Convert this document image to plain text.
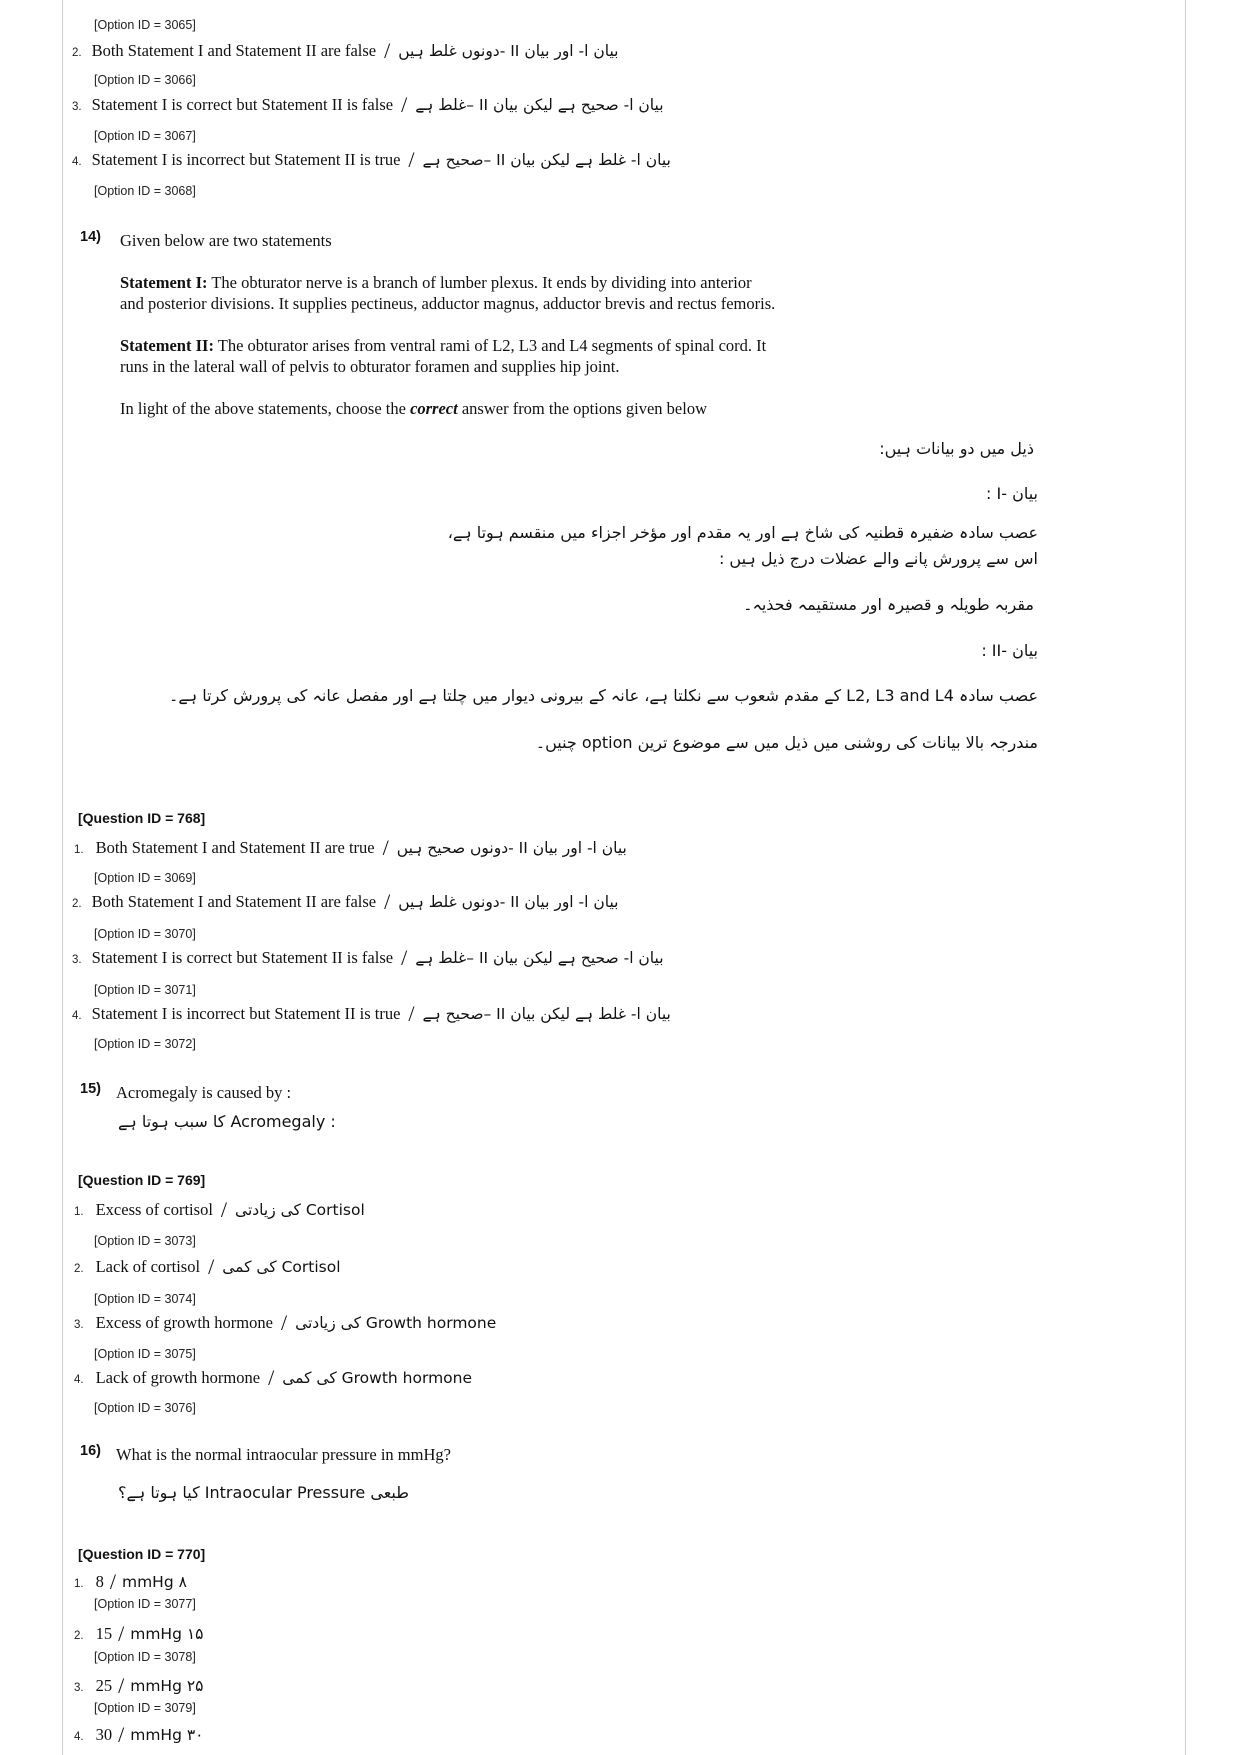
[Option ID = 3065]
2. Both Statement I and Statement II are false / بیان ا- اور بیان II -دونوں غلط ہیں
[Option ID = 3066]
3. Statement I is correct but Statement II is false / بیان ا- صحیح ہے لیکن بیان II –غلط ہے
[Option ID = 3067]
4. Statement I is incorrect but Statement II is true / بیان ا- غلط ہے لیکن بیان II –صحیح ہے
[Option ID = 3068]
14) Given below are two statements
Statement I: The obturator nerve is a branch of lumber plexus. It ends by dividing into anterior
and posterior divisions. It supplies pectineus, adductor magnus, adductor brevis and rectus femoris.
Statement II: The obturator arises from ventral rami of L2, L3 and L4 segments of spinal cord. It
runs in the lateral wall of pelvis to obturator foramen and supplies hip joint.
In light of the above statements, choose the correct answer from the options given below
ذیل میں دو بیانات ہیں:
بیان -I :
عصب سادہ ضفیرہ قطنیہ کی شاخ ہے اور یہ مقدم اور مؤخر اجزاء میں منقسم ہوتا ہے،
اس سے پرورش پانے والے عضلات درج ذیل ہیں :
مقربہ طویلہ و قصیرہ اور مستقیمہ فحذیہ۔
بیان -II :
عصب سادہ L2, L3 and L4 کے مقدم شعوب سے نکلتا ہے، عانہ کے بیرونی دیوار میں چلتا ہے اور مفصل عانہ کی پرورش کرتا ہے۔
مندرجہ بالا بیانات کی روشنی میں ذیل میں سے موضوع ترین option چنیں۔
[Question ID = 768]
1. Both Statement I and Statement II are true / بیان ا- اور بیان II -دونوں صحیح ہیں
[Option ID = 3069]
2. Both Statement I and Statement II are false / بیان ا- اور بیان II -دونوں غلط ہیں
[Option ID = 3070]
3. Statement I is correct but Statement II is false / بیان ا- صحیح ہے لیکن بیان II –غلط ہے
[Option ID = 3071]
4. Statement I is incorrect but Statement II is true / بیان ا- غلط ہے لیکن بیان II –صحیح ہے
[Option ID = 3072]
15) Acromegaly is caused by :
: Acromegaly کا سبب ہوتا ہے
[Question ID = 769]
1. Excess of cortisol / Cortisol کی زیادتی
[Option ID = 3073]
2. Lack of cortisol / Cortisol کی کمی
[Option ID = 3074]
3. Excess of growth hormone / Growth hormone کی زیادتی
[Option ID = 3075]
4. Lack of growth hormone / Growth hormone کی کمی
[Option ID = 3076]
16) What is the normal intraocular pressure in mmHg?
طبعی Intraocular Pressure کیا ہوتا ہے؟
[Question ID = 770]
1. 8 / mmHg ٨
[Option ID = 3077]
2. 15 / mmHg ١۵
[Option ID = 3078]
3. 25 / mmHg ٢۵
[Option ID = 3079]
4. 30 / mmHg ٣٠
